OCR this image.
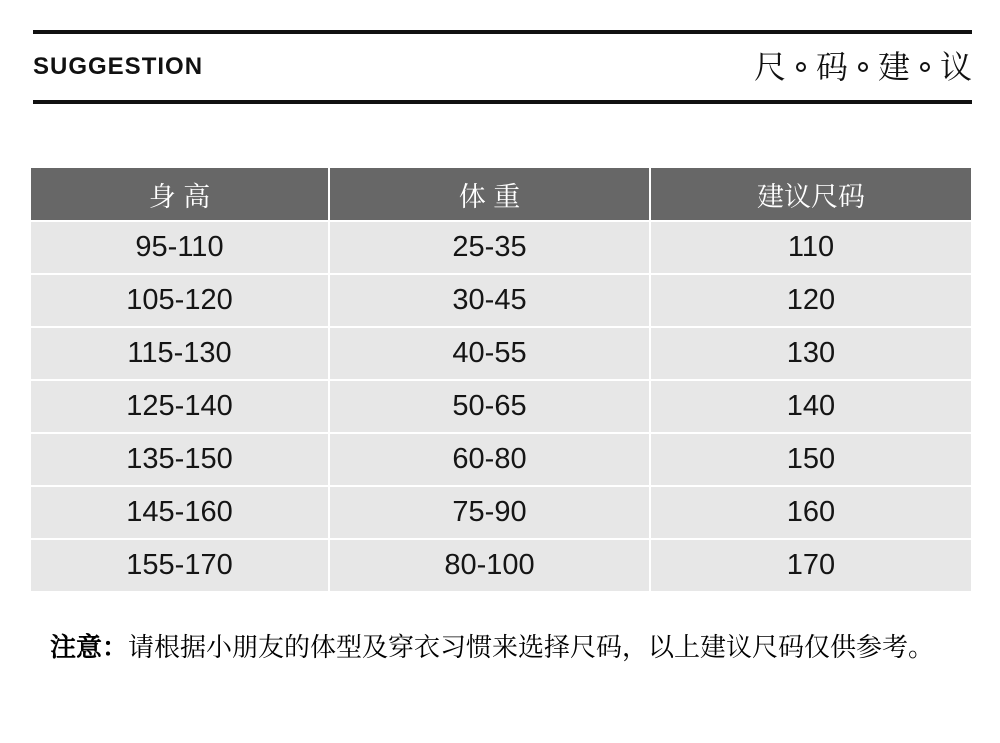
SUGGESTION	尺 码 建 议
身 高	体 重	建议尺码
95-110	25-35	110
105-120	30-45	120
115-130	40-55	130
125-140	50-65	140
135-150	60-80	150
145-160	75-90	160
155-170	80-100	170

注意：请根据小朋友的体型及穿衣习惯来选择尺码，以上建议尺码仅供参考。
